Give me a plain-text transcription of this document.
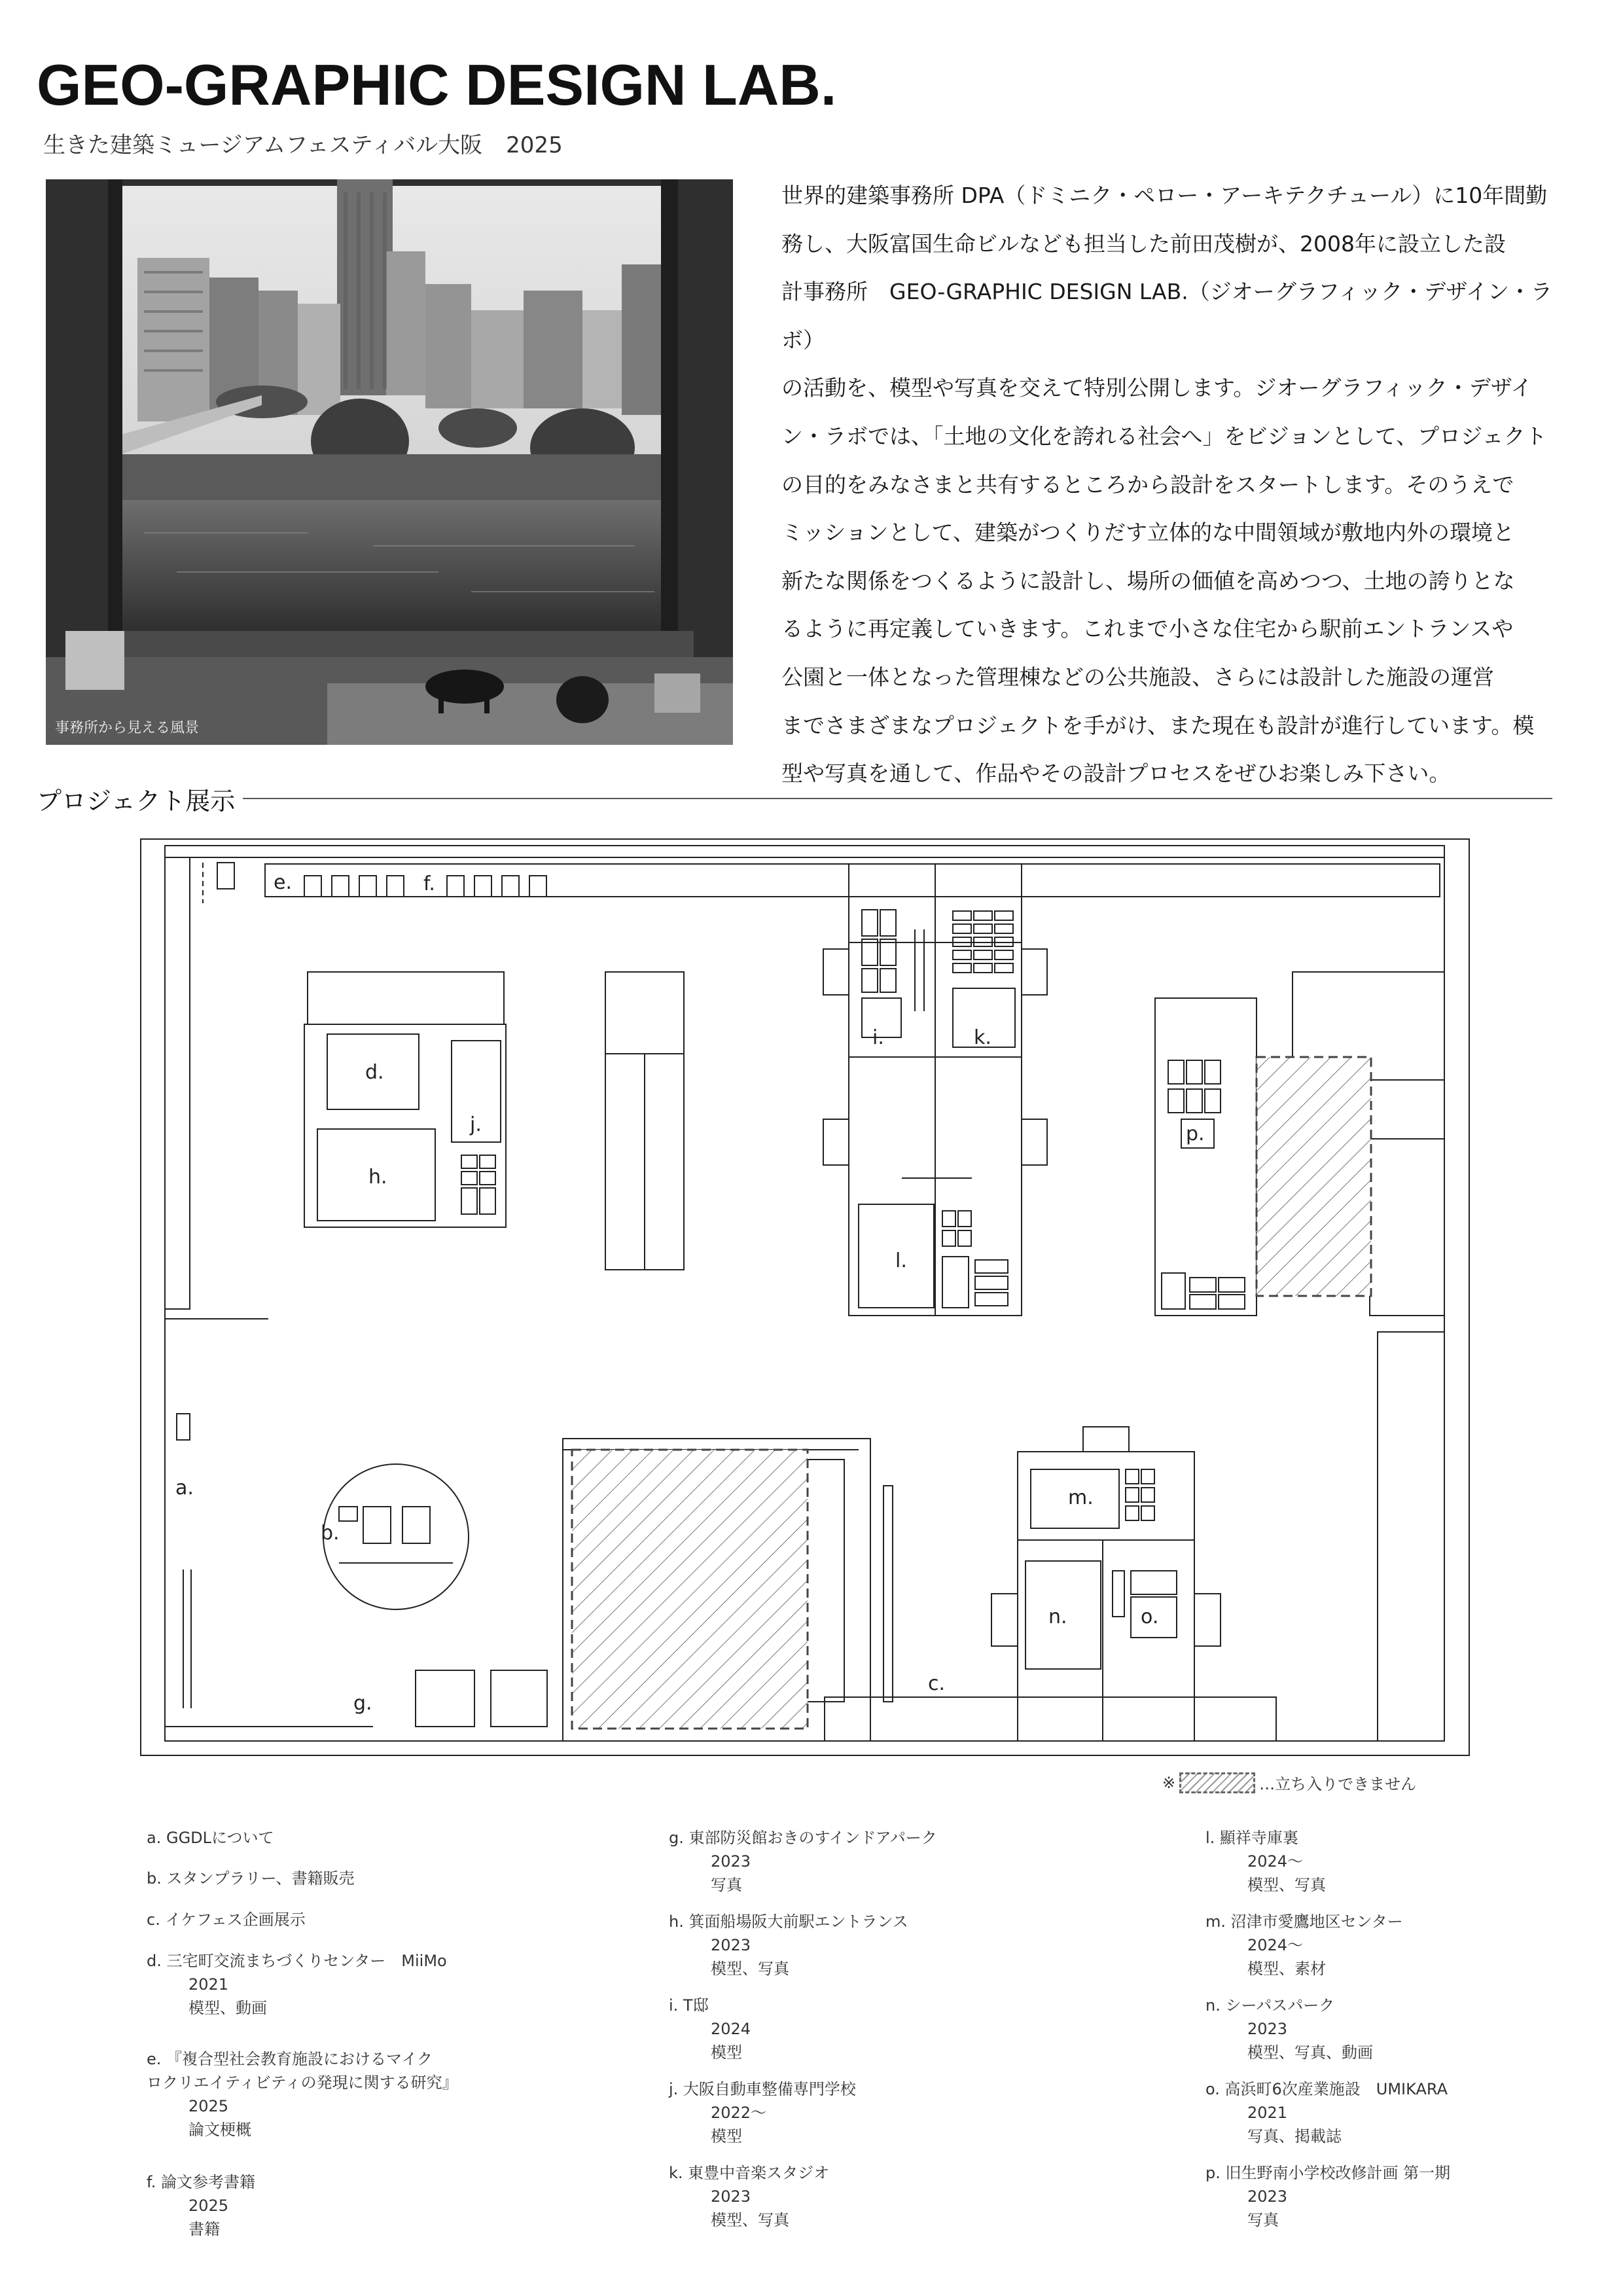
GEO-GRAPHIC DESIGN LAB.
生きた建築ミュージアムフェスティバル大阪 2025
事務所から見える風景
世界的建築事務所 DPA（ドミニク・ペロー・アーキテクチュール）に10年間勤
務し、大阪富国生命ビルなども担当した前田茂樹が、2008年に設立した設
計事務所　GEO-GRAPHIC DESIGN LAB.（ジオーグラフィック・デザイン・ラボ）
の活動を、模型や写真を交えて特別公開します。ジオーグラフィック・デザイ
ン・ラボでは、「土地の文化を誇れる社会へ」をビジョンとして、プロジェクト
の目的をみなさまと共有するところから設計をスタートします。そのうえで
ミッションとして、建築がつくりだす立体的な中間領域が敷地内外の環境と
新たな関係をつくるように設計し、場所の価値を高めつつ、土地の誇りとな
るように再定義していきます。これまで小さな住宅から駅前エントランスや
公園と一体となった管理棟などの公共施設、さらには設計した施設の運営
までさまざまなプロジェクトを手がけ、また現在も設計が進行しています。模
型や写真を通して、作品やその設計プロセスをぜひお楽しみ下さい。
プロジェクト展示
a.
b.
c.
d.
e.	f.
g.
h.
i.
j.
k.
l.
m.
n.	o.
p.
※	…立ち入りできません
a. GGDLについて
b. スタンプラリー、書籍販売
c. イケフェス企画展示
d. 三宅町交流まちづくりセンター　MiiMo
2021
模型、動画
e. 『複合型社会教育施設におけるマイク
ロクリエイティビティの発現に関する研究』
2025
論文梗概
f. 論文参考書籍
2025
書籍
g. 東部防災館おきのすインドアパーク
2023
写真
h. 箕面船場阪大前駅エントランス
2023
模型、写真
i. T邸
2024
模型
j. 大阪自動車整備専門学校
2022～
模型
k. 東豊中音楽スタジオ
2023
模型、写真
l. 顯祥寺庫裏
2024～
模型、写真
m. 沼津市愛鷹地区センター
2024～
模型、素材
n. シーパスパーク
2023
模型、写真、動画
o. 高浜町6次産業施設　UMIKARA
2021
写真、掲載誌
p. 旧生野南小学校改修計画 第一期
2023
写真
